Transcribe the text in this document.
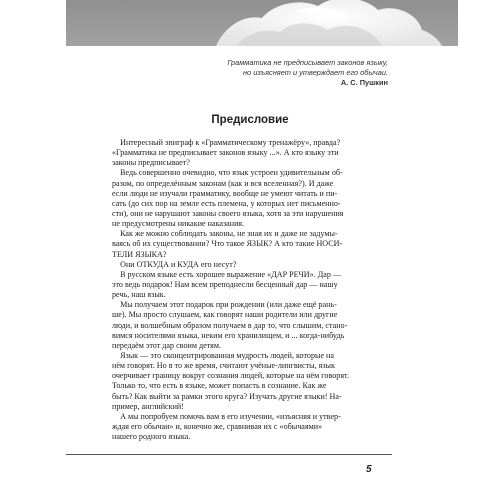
Грамматика не предписывает законов языку,
но изъясняет и утверждает его обычаи.
А. С. Пушкин
Предисловие
Интересный эпиграф к «Грамматическому тренажёру», правда?
«Грамматика не предписывает законов языку ...». А кто языку эти
законы предписывает?
Ведь совершенно очевидно, что язык устроен удивительным об-
разом, по определённым законам (как и вся вселенная?). И даже
если люди не изучали грамматику, вообще не умеют читать и пи-
сать (до сих пор на земле есть племена, у которых нет письменно-
сти), они не нарушают законы своего языка, хотя за эти нарушения
не предусмотрены никакие наказания.
Как же можно соблюдать законы, не зная их и даже не задумы-
ваясь об их существовании? Что такое ЯЗЫК? А кто такие НОСИ-
ТЕЛИ ЯЗЫКА?
Они ОТКУДА и КУДА его несут?
В русском языке есть хорошее выражение «ДАР РЕЧИ». Дар —
это ведь подарок! Нам всем преподнесли бесценный дар — нашу
речь, наш язык.
Мы получаем этот подарок при рождении (или даже ещё рань-
ше). Мы просто слушаем, как говорят наши родители или другие
люди, и волшебным образом получаем в дар то, что слышим, стано-
вимся носителями языка, неким его хранилищем, и ... когда-нибудь
передаём этот дар своим детям.
Язык — это сконцентрированная мудрость людей, которые на
нём говорят. Но в то же время, считают учёные-лингвисты, язык
очерчивает границу вокруг сознания людей, которые на нём говорят.
Только то, что есть в языке, может попасть в сознание. Как же
быть? Как выйти за рамки этого круга? Изучать другие языки! На-
пример, английский!
А мы попробуем помочь вам в его изучении, «изъясняя и утвер-
ждая его обычаи» и, конечно же, сравнивая их с «обычаями»
нашего родного языка.
5
